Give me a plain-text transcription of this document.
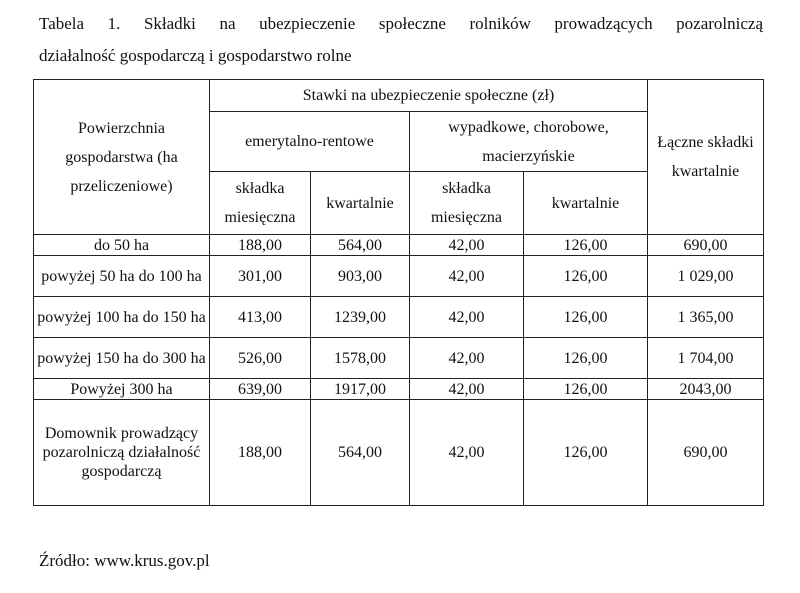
Tabela 1. Składki na ubezpieczenie społeczne rolników prowadzących pozarolniczą
działalność gospodarczą i gospodarstwo rolne
Powierzchnia gospodarstwa (ha przeliczeniowe)	Stawki na ubezpieczenie społeczne (zł)				Łączne składki kwartalnie
	emerytalno-rentowe		wypadkowe, chorobowe, macierzyńskie		
	składka miesięczna	kwartalnie	składka miesięczna	kwartalnie	
do 50 ha	188,00	564,00	42,00	126,00	690,00
powyżej 50 ha do 100 ha	301,00	903,00	42,00	126,00	1 029,00
powyżej 100 ha do 150 ha	413,00	1239,00	42,00	126,00	1 365,00
powyżej 150 ha do 300 ha	526,00	1578,00	42,00	126,00	1 704,00
Powyżej 300 ha	639,00	1917,00	42,00	126,00	2043,00
Domownik prowadzący pozarolniczą działalność gospodarczą	188,00	564,00	42,00	126,00	690,00
Źródło: www.krus.gov.pl
